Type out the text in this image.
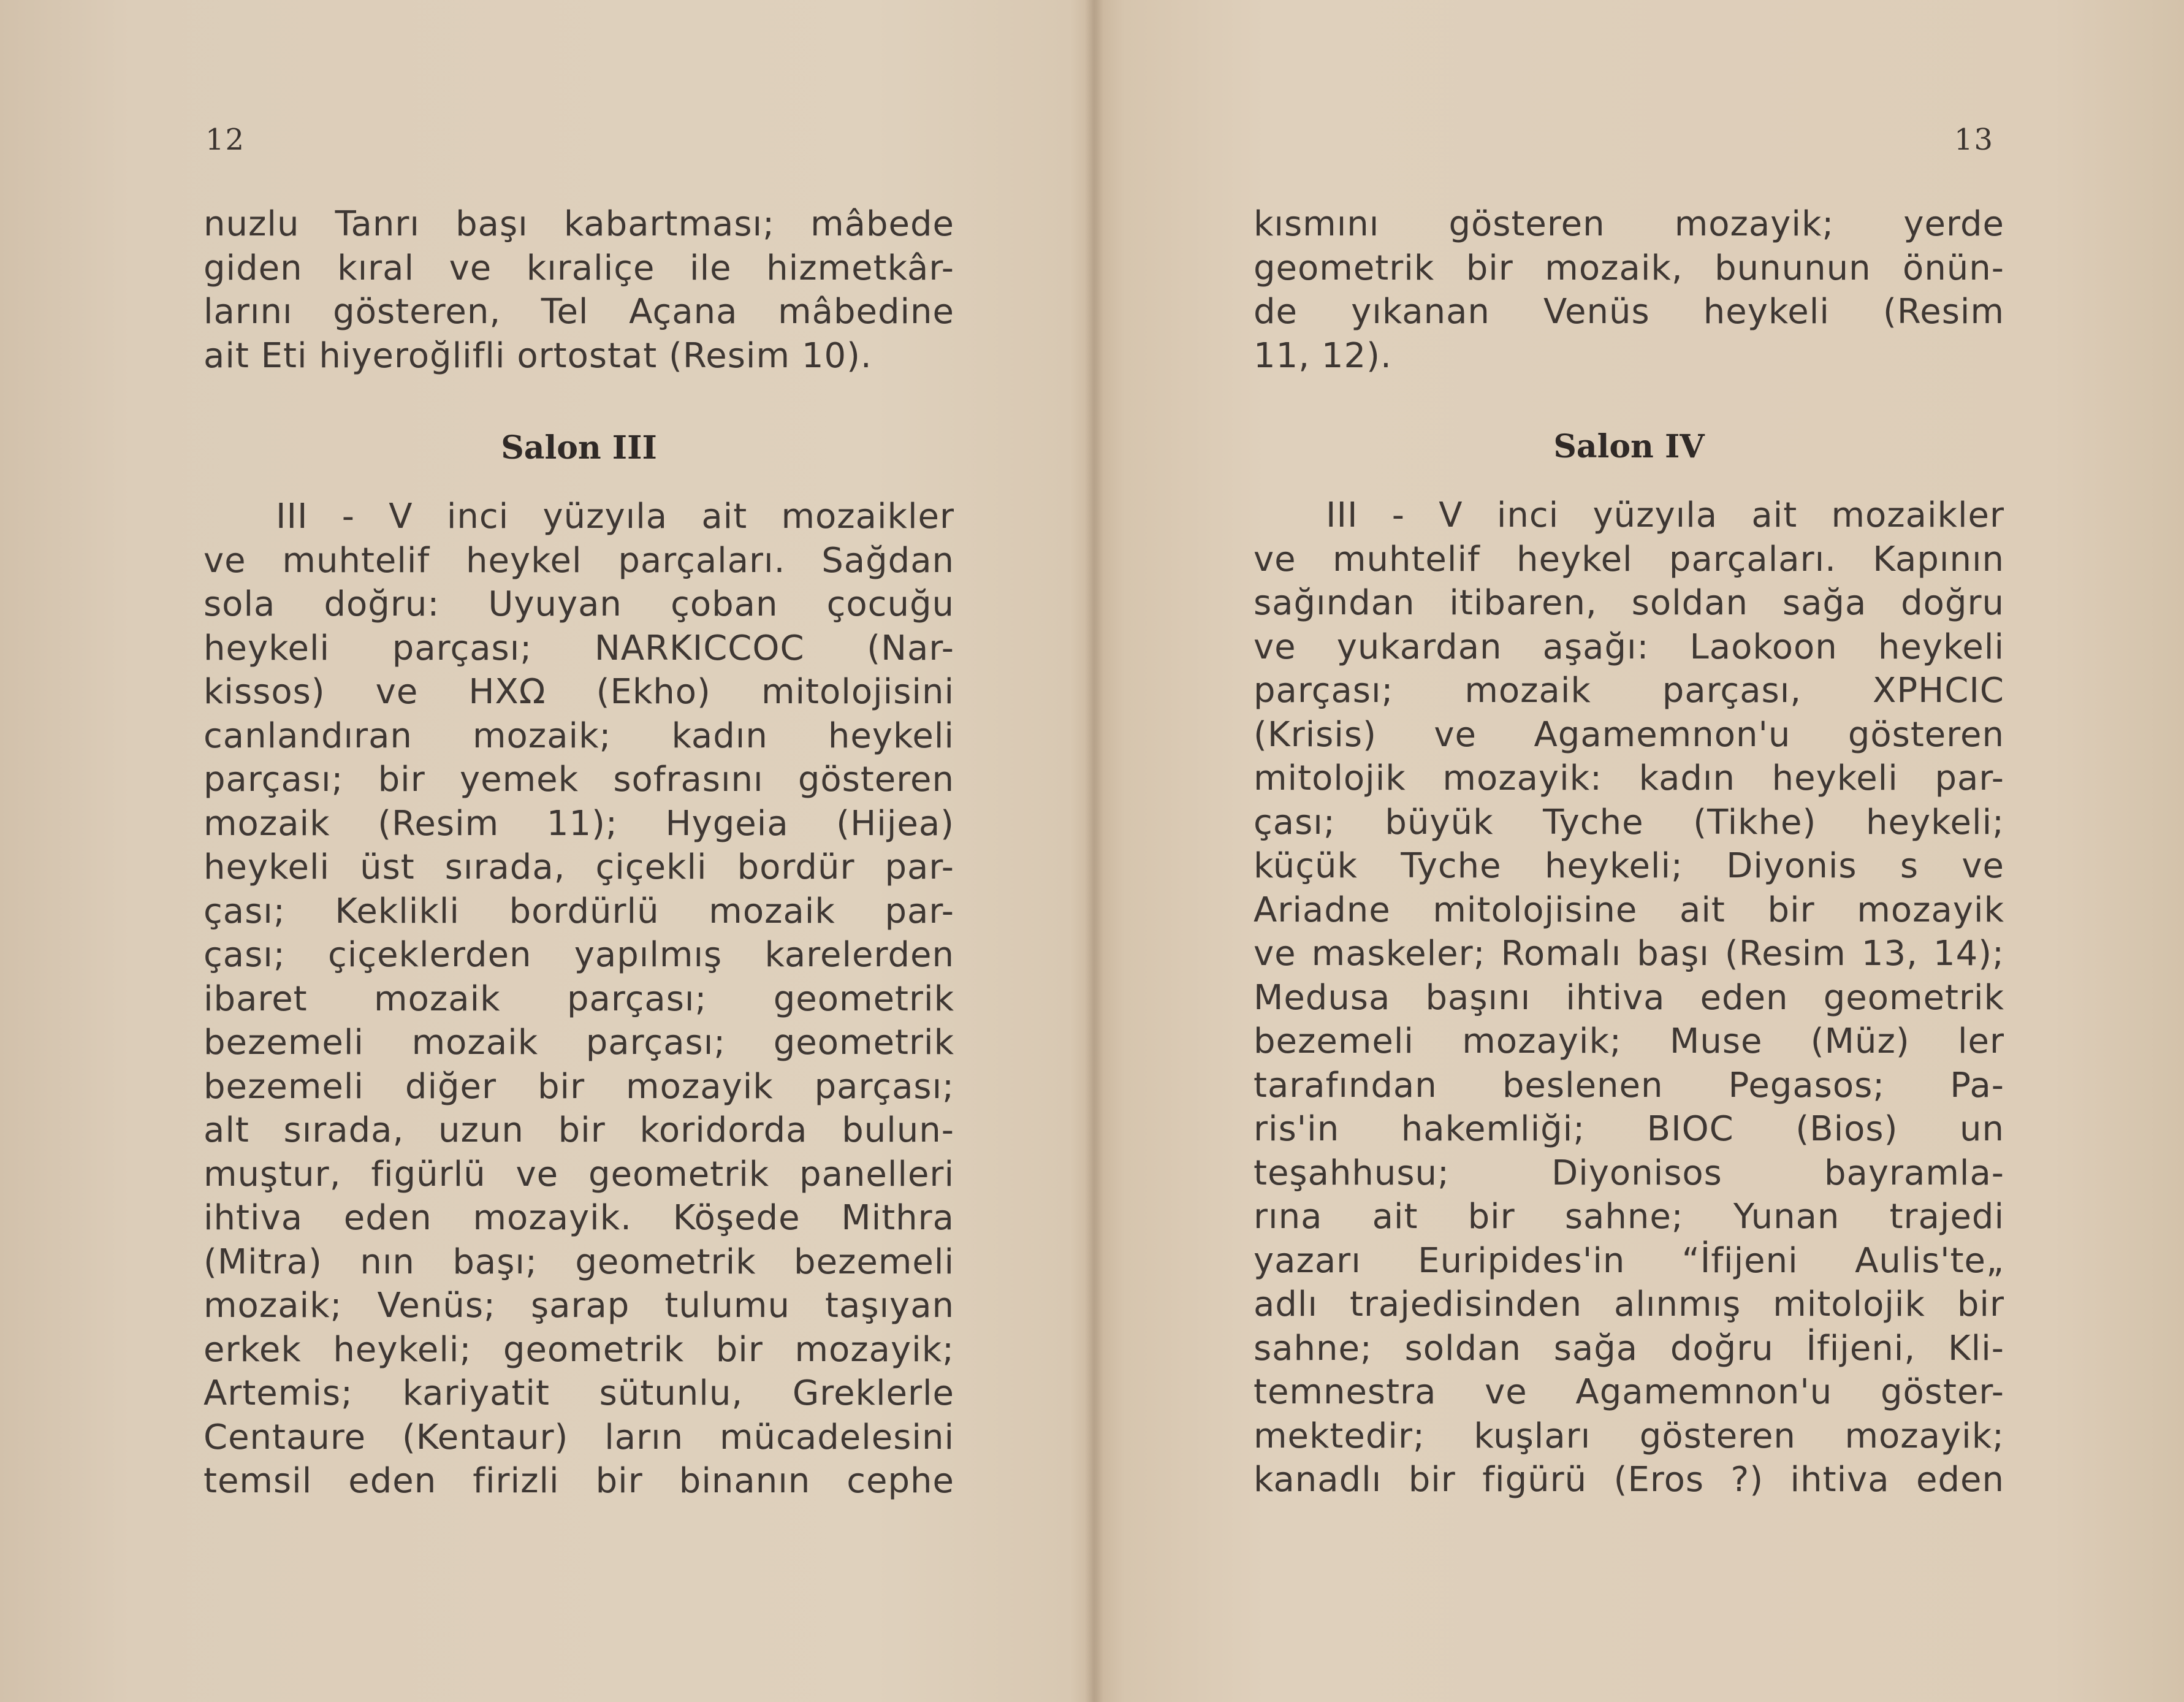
12
nuzlu Tanrı başı kabartması; mâbede
giden kıral ve kıraliçe ile hizmetkâr-
larını gösteren, Tel Açana mâbedine
ait Eti hiyeroğlifli ortostat (Resim 10).
Salon III
III - V inci yüzyıla ait mozaikler
ve muhtelif heykel parçaları. Sağdan
sola doğru: Uyuyan çoban çocuğu
heykeli parçası; NARKICCOC (Nar-
kissos) ve ΗΧΩ (Ekho) mitolojisini
canlandıran mozaik; kadın heykeli
parçası; bir yemek sofrasını gösteren
mozaik (Resim 11); Hygeia (Hijea)
heykeli üst sırada, çiçekli bordür par-
çası; Keklikli bordürlü mozaik par-
çası; çiçeklerden yapılmış karelerden
ibaret mozaik parçası; geometrik
bezemeli mozaik parçası; geometrik
bezemeli diğer bir mozayik parçası;
alt sırada, uzun bir koridorda bulun-
muştur, figürlü ve geometrik panelleri
ihtiva eden mozayik. Köşede Mithra
(Mitra) nın başı; geometrik bezemeli
mozaik; Venüs; şarap tulumu taşıyan
erkek heykeli; geometrik bir mozayik;
Artemis; kariyatit sütunlu, Greklerle
Centaure (Kentaur) ların mücadelesini
temsil eden firizli bir binanın cephe
13
kısmını gösteren mozayik; yerde
geometrik bir mozaik, bununun önün-
de yıkanan Venüs heykeli (Resim
11, 12).
Salon IV
III - V inci yüzyıla ait mozaikler
ve muhtelif heykel parçaları. Kapının
sağından itibaren, soldan sağa doğru
ve yukardan aşağı: Laokoon heykeli
parçası; mozaik parçası, XPHCIC
(Krisis) ve Agamemnon'u gösteren
mitolojik mozayik: kadın heykeli par-
çası; büyük Tyche (Tikhe) heykeli;
küçük Tyche heykeli; Diyonis s ve
Ariadne mitolojisine ait bir mozayik
ve maskeler; Romalı başı (Resim 13, 14);
Medusa başını ihtiva eden geometrik
bezemeli mozayik; Muse (Müz) ler
tarafından beslenen Pegasos; Pa-
ris'in hakemliği; BIOC (Bios) un
teşahhusu; Diyonisos bayramla-
rına ait bir sahne; Yunan trajedi
yazarı Euripides'in “İfijeni Aulis'te„
adlı trajedisinden alınmış mitolojik bir
sahne; soldan sağa doğru İfijeni, Kli-
temnestra ve Agamemnon'u göster-
mektedir; kuşları gösteren mozayik;
kanadlı bir figürü (Eros ?) ihtiva eden
